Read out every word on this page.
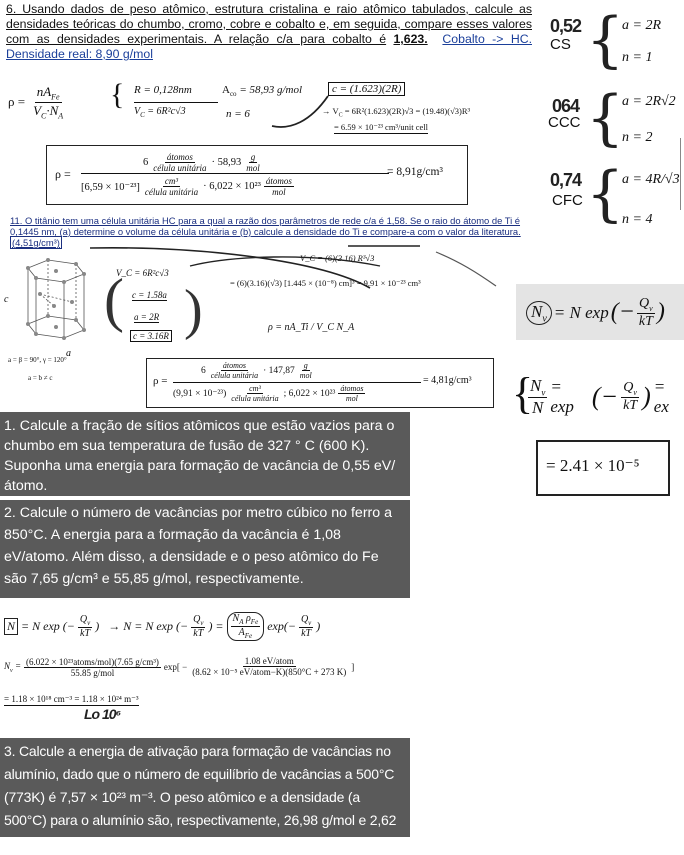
6. Usando dados de peso atômico, estrutura cristalina e raio atômico tabulados, calcule as densidades teóricas do chumbo, cromo, cobre e cobalto e, em seguida, compare esses valores com as densidades experimentais. A relação c/a para cobalto é 1,623. Cobalto -> HC. Densidade real: 8,90 g/mol
0,52
CS {
a = 2R
n = 1
064
CCC {
a = 2R√2
n = 2
0,74
CFC {
a = 4R/√3
n = 4
$\rho = \frac{nA_{Fe}}{V_C\cdot N_A}$ { R = 0,128nm
$V_C = 6R^2c√3$
$A_{co} = 58,93$ g/mol
n = 6
c = (1.623)(2R)
→ $V_C = 6R^2(1.623)(2R)√3 = (19.48)(√3)R^3$
= 6.59 × 10⁻²³ cm³/unit cell
ρ =
$6 \frac{\text{átomos}}{\text{célula unitária}} \cdot 58,93 \frac{g}{\text{mol}}$
$[6,59 \times 10^{-23}] \frac{\text{cm³}}{\text{célula unitária}} \cdot 6,022 \times 10^{23} \frac{\text{átomos}}{\text{mol}}$
= 8,91g/cm³
11. O titânio tem uma célula unitária HC para a qual a razão dos parâmetros de rede c/a é 1,58. Se o raio do átomo de Ti é 0,1445 nm, (a) determine o volume da célula unitária e (b) calcule a densidade do Ti e compare-a com o valor da literatura. (4,51g/cm³)
c
a
a = β = 90°, γ = 120°
a = b ≠ c
V_C = 6R²c√3
c = 1.58a
a = 2R
c = 3.16R
( )
V_C = (6)(3.16) R³√3
= (6)(3.16)(√3) [1.445 × (10⁻⁸) cm]³ = 9.91 × 10⁻²³ cm³
ρ = nA_Ti / V_C N_A
ρ =
$6 \frac{\text{átomos}}{\text{célula unitária}} \cdot 147,87 \frac{g}{\text{mol}}$
$(9,91 \times 10^{-23}) \frac{\text{cm³}}{\text{célula unitária}}$ ; $6,022 \times 10^{23} \frac{\text{átomos}}{\text{mol}}$
= 4,81g/cm³
$N_v = N$ exp (− $\frac{Q_v}{kT}$ )
{
$\frac{N_v}{N} = \exp$ (− $\frac{Q_v}{kT}$ ) = ex
= 2.41 × 10⁻⁵

1. Calcule a fração de sítios atômicos que estão vazios para o chumbo em sua temperatura de fusão de 327 ° C (600 K). Suponha uma energia para formação de vacância de 0,55 eV/átomo.

2. Calcule o número de vacâncias por metro cúbico no ferro a 850°C. A energia para a formação da vacância é 1,08 eV/atomo. Além disso, a densidade e o peso atômico do Fe são 7,65 g/cm³ e 55,85 g/mol, respectivamente.

N = N exp (− $\frac{Q_v}{kT}$ ) → N = N exp (− $\frac{Q_v}{kT}$ ) = $\frac{N_A \rho_{Fe}}{A_{Fe}} \exp(- \frac{Q_v}{kT}$ )
$N_v = \frac{\text{(6.022 × 10²³atoms/mol)(7.65 g/cm³)}}{\text{55.85 g/mol}} \exp[ - \frac{\text{1.08 eV/atom}}{\text{(8.62 × 10⁻⁵ eV/atom−K)(850°C + 273 K)}}$ ]
= 1.18 × 10¹⁸ cm⁻³ = 1.18 × 10²⁴ m⁻³
Lo 10⁶

3. Calcule a energia de ativação para formação de vacâncias no alumínio, dado que o número de equilíbrio de vacâncias a 500°C (773K) é 7,57 × 10²³ m⁻³. O peso atômico e a densidade (a 500°C) para o alumínio são, respectivamente, 26,98 g/mol e 2,62 g/cm³.
